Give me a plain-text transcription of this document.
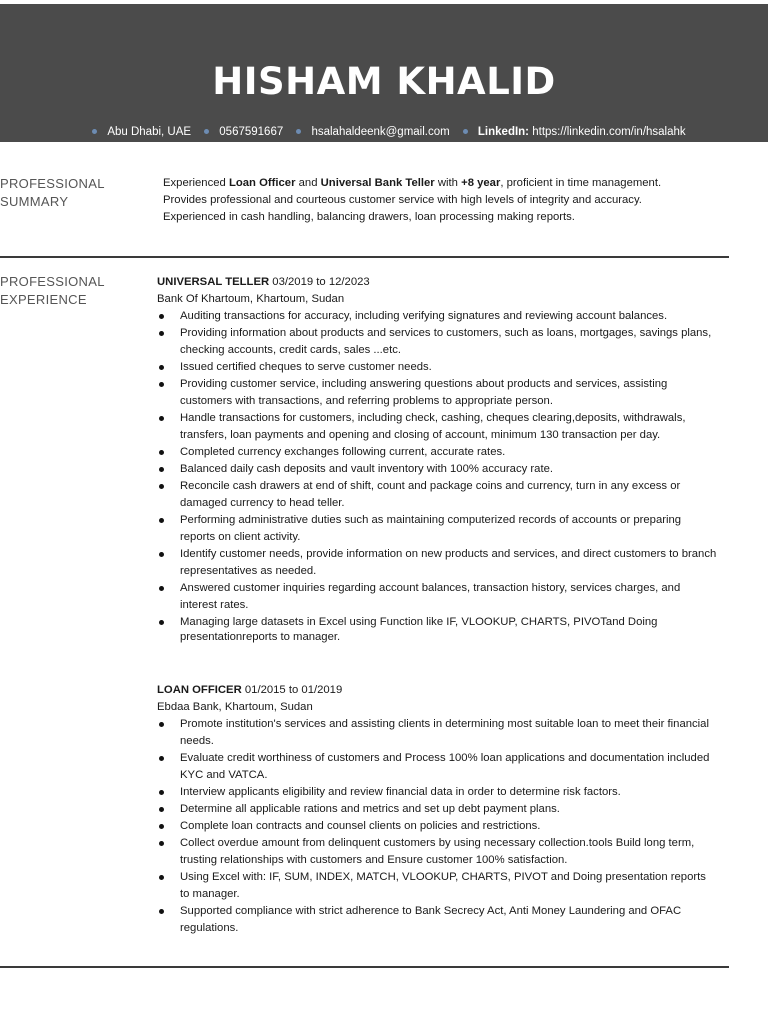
HISHAM KHALID
Abu Dhabi, UAE 0567591667 hsalahaldeenk@gmail.com LinkedIn: https://linkedin.com/in/hsalahk
PROFESSIONAL
SUMMARY
Experienced Loan Officer and Universal Bank Teller with +8 year, proficient in time management.
Provides professional and courteous customer service with high levels of integrity and accuracy.
Experienced in cash handling, balancing drawers, loan processing making reports.
PROFESSIONAL
EXPERIENCE
UNIVERSAL TELLER 03/2019 to 12/2023
Bank Of Khartoum, Khartoum, Sudan
Auditing transactions for accuracy, including verifying signatures and reviewing account balances.
Providing information about products and services to customers, such as loans, mortgages, savings plans, checking accounts, credit cards, sales ...etc.
Issued certified cheques to serve customer needs.
Providing customer service, including answering questions about products and services, assisting customers with transactions, and referring problems to appropriate person.
Handle transactions for customers, including check, cashing, cheques clearing,deposits, withdrawals, transfers, loan payments and opening and closing of account, minimum 130 transaction per day.
Completed currency exchanges following current, accurate rates.
Balanced daily cash deposits and vault inventory with 100% accuracy rate.
Reconcile cash drawers at end of shift, count and package coins and currency, turn in any excess or damaged currency to head teller.
Performing administrative duties such as maintaining computerized records of accounts or preparing reports on client activity.
Identify customer needs, provide information on new products and services, and direct customers to branch representatives as needed.
Answered customer inquiries regarding account balances, transaction history, services charges, and interest rates.
Managing large datasets in Excel using Function like IF, VLOOKUP, CHARTS, PIVOTand Doing presentationreports to manager.
LOAN OFFICER 01/2015 to 01/2019
Ebdaa Bank, Khartoum, Sudan
Promote institution's services and assisting clients in determining most suitable loan to meet their financial needs.
Evaluate credit worthiness of customers and Process 100% loan applications and documentation included KYC and VATCA.
Interview applicants eligibility and review financial data in order to determine risk factors.
Determine all applicable rations and metrics and set up debt payment plans.
Complete loan contracts and counsel clients on policies and restrictions.
Collect overdue amount from delinquent customers by using necessary collection.tools Build long term, trusting relationships with customers and Ensure customer 100% satisfaction.
Using Excel with: IF, SUM, INDEX, MATCH, VLOOKUP, CHARTS, PIVOT and Doing presentation reports to manager.
Supported compliance with strict adherence to Bank Secrecy Act, Anti Money Laundering and OFAC regulations.
